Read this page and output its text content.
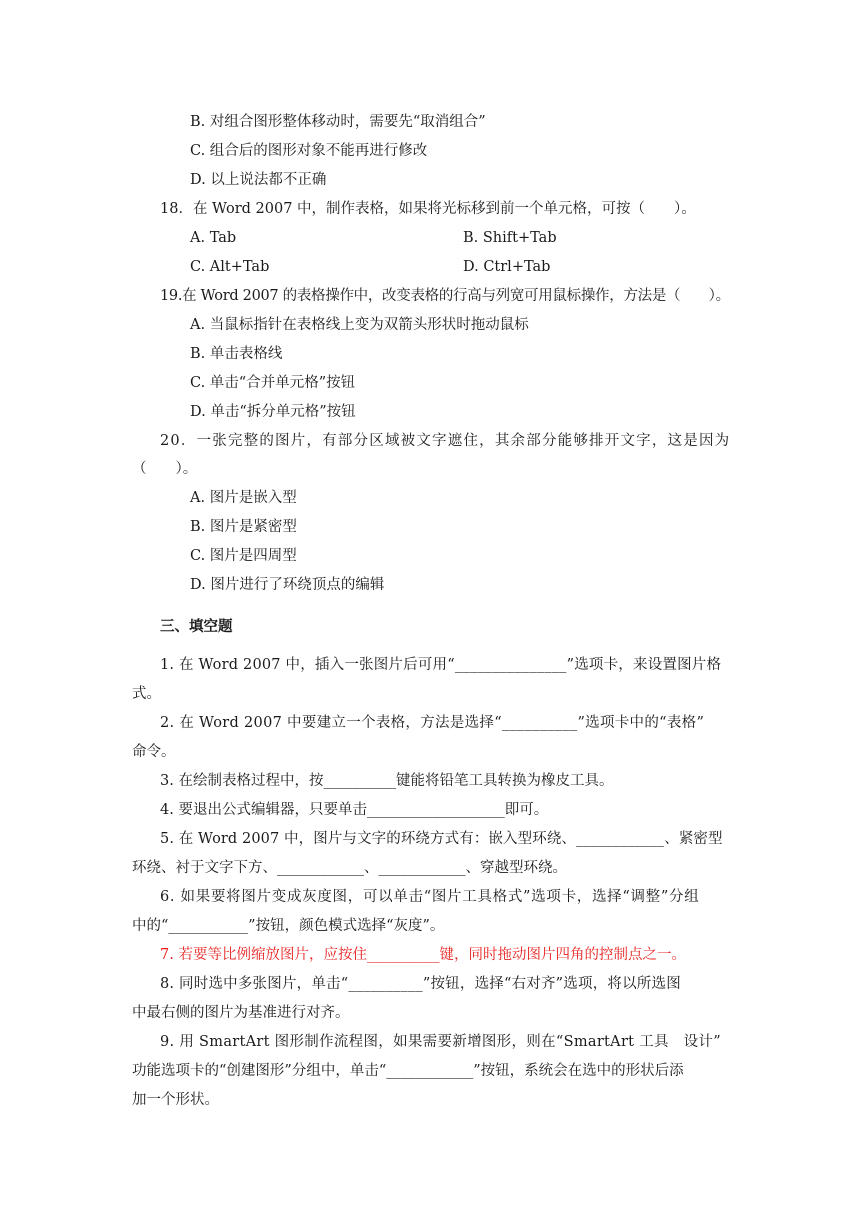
B. 对组合图形整体移动时，需要先“取消组合”
C. 组合后的图形对象不能再进行修改
D. 以上说法都不正确
18．在 Word 2007 中，制作表格，如果将光标移到前一个单元格，可按（　　）。
A. Tab	B. Shift+Tab
C. Alt+Tab	D. Ctrl+Tab
19.在 Word 2007 的表格操作中，改变表格的行高与列宽可用鼠标操作，方法是（　　）。
A. 当鼠标指针在表格线上变为双箭头形状时拖动鼠标
B. 单击表格线
C. 单击“合并单元格”按钮
D. 单击“拆分单元格”按钮
20．一张完整的图片，有部分区域被文字遮住，其余部分能够排开文字，这是因为
（　　）。
A. 图片是嵌入型
B. 图片是紧密型
C. 图片是四周型
D. 图片进行了环绕顶点的编辑
三、填空题
1. 在 Word 2007 中，插入一张图片后可用“_______________”选项卡，来设置图片格
式。
2. 在 Word 2007 中要建立一个表格，方法是选择“__________”选项卡中的“表格”
命令。
3. 在绘制表格过程中，按__________键能将铅笔工具转换为橡皮工具。
4. 要退出公式编辑器，只要单击___________________即可。
5. 在 Word 2007 中，图片与文字的环绕方式有：嵌入型环绕、____________、紧密型
环绕、衬于文字下方、____________、____________、穿越型环绕。
6. 如果要将图片变成灰度图，可以单击“图片工具格式”选项卡，选择“调整”分组
中的“___________”按钮，颜色模式选择“灰度”。
7. 若要等比例缩放图片，应按住__________键，同时拖动图片四角的控制点之一。
8. 同时选中多张图片，单击“__________”按钮，选择“右对齐”选项，将以所选图
中最右侧的图片为基准进行对齐。
9. 用 SmartArt 图形制作流程图，如果需要新增图形，则在“SmartArt 工具　设计”
功能选项卡的“创建图形”分组中，单击“____________”按钮，系统会在选中的形状后添
加一个形状。
